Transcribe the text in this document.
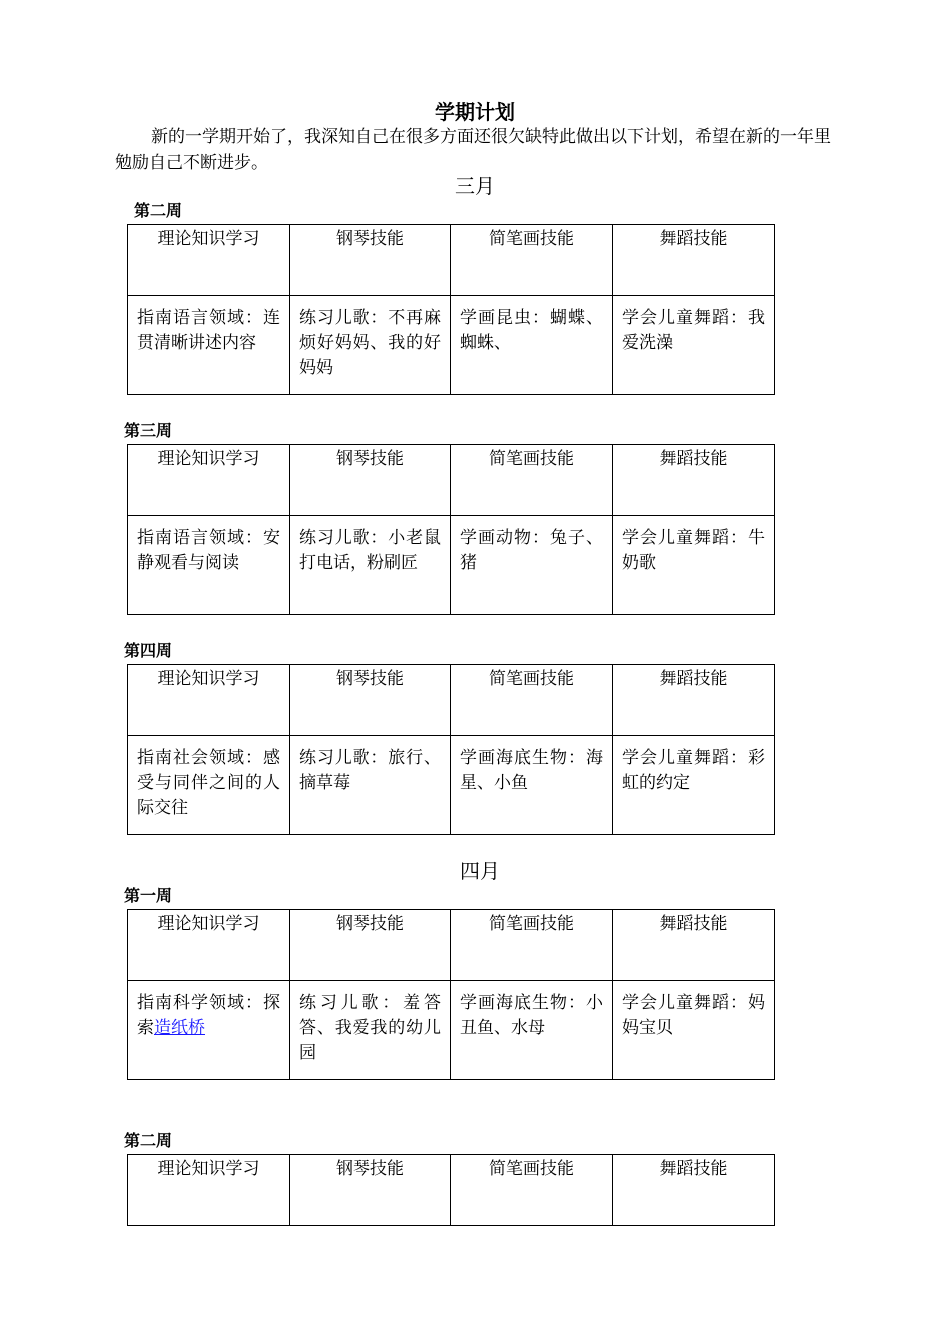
学期计划

新的一学期开始了，我深知自己在很多方面还很欠缺特此做出以下计划，希望在新的一年里勉励自己不断进步。

三月
第二周
理论知识学习	钢琴技能	简笔画技能	舞蹈技能
指南语言领域：连贯清晰讲述内容	练习儿歌：不再麻烦好妈妈、我的好妈妈	学画昆虫：蝴蝶、蜘蛛、	学会儿童舞蹈：我爱洗澡
第三周
理论知识学习	钢琴技能	简笔画技能	舞蹈技能
指南语言领域：安静观看与阅读	练习儿歌：小老鼠打电话，粉刷匠	学画动物：兔子、猪	学会儿童舞蹈：牛奶歌
第四周
理论知识学习	钢琴技能	简笔画技能	舞蹈技能
指南社会领域：感受与同伴之间的人际交往	练习儿歌：旅行、摘草莓	学画海底生物：海星、小鱼	学会儿童舞蹈：彩虹的约定
四月
第一周
理论知识学习	钢琴技能	简笔画技能	舞蹈技能
指南科学领域：探索造纸桥	练习儿歌：羞答答、我爱我的幼儿园	学画海底生物：小丑鱼、水母	学会儿童舞蹈：妈妈宝贝
第二周
理论知识学习	钢琴技能	简笔画技能	舞蹈技能
